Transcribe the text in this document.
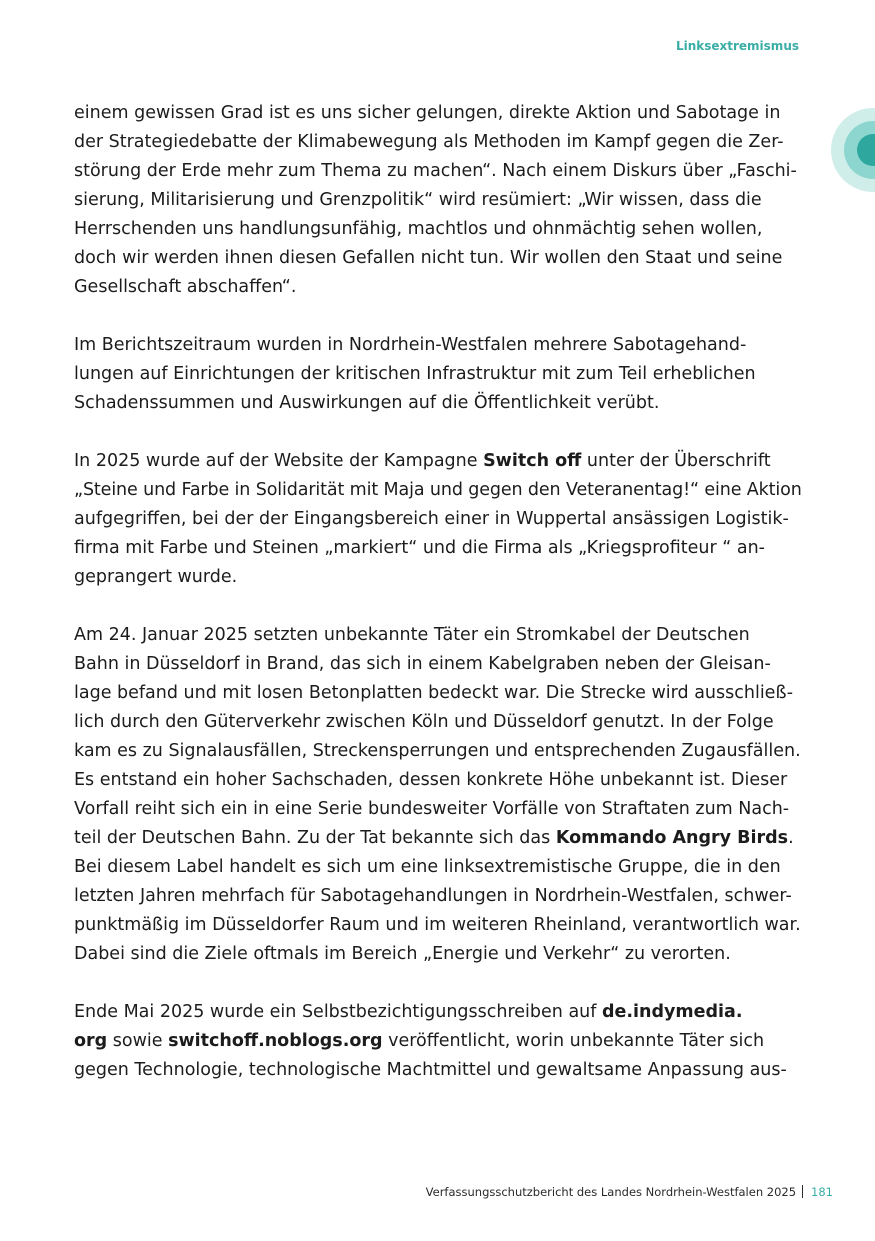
Linksextremismus

einem gewissen Grad ist es uns sicher gelungen, direkte Aktion und Sabotage in
der Strategiedebatte der Klimabewegung als Methoden im Kampf gegen die Zer-
störung der Erde mehr zum Thema zu machen“. Nach einem Diskurs über „Faschi-
sierung, Militarisierung und Grenzpolitik“ wird resümiert: „Wir wissen, dass die
Herrschenden uns handlungsunfähig, machtlos und ohnmächtig sehen wollen,
doch wir werden ihnen diesen Gefallen nicht tun. Wir wollen den Staat und seine
Gesellschaft abschaffen“.

Im Berichtszeitraum wurden in Nordrhein-Westfalen mehrere Sabotagehand-
lungen auf Einrichtungen der kritischen Infrastruktur mit zum Teil erheblichen
Schadenssummen und Auswirkungen auf die Öffentlichkeit verübt.

In 2025 wurde auf der Website der Kampagne Switch off unter der Überschrift
„Steine und Farbe in Solidarität mit Maja und gegen den Veteranentag!“ eine Aktion
aufgegriffen, bei der der Eingangsbereich einer in Wuppertal ansässigen Logistik-
firma mit Farbe und Steinen „markiert“ und die Firma als „Kriegsprofiteur “ an-
geprangert wurde.

Am 24. Januar 2025 setzten unbekannte Täter ein Stromkabel der Deutschen
Bahn in Düsseldorf in Brand, das sich in einem Kabelgraben neben der Gleisan-
lage befand und mit losen Betonplatten bedeckt war. Die Strecke wird ausschließ-
lich durch den Güterverkehr zwischen Köln und Düsseldorf genutzt. In der Folge
kam es zu Signalausfällen, Streckensperrungen und entsprechenden Zugausfällen.
Es entstand ein hoher Sachschaden, dessen konkrete Höhe unbekannt ist. Dieser
Vorfall reiht sich ein in eine Serie bundesweiter Vorfälle von Straftaten zum Nach-
teil der Deutschen Bahn. Zu der Tat bekannte sich das Kommando Angry Birds.
Bei diesem Label handelt es sich um eine linksextremistische Gruppe, die in den
letzten Jahren mehrfach für Sabotagehandlungen in Nordrhein-Westfalen, schwer-
punktmäßig im Düsseldorfer Raum und im weiteren Rheinland, verantwortlich war.
Dabei sind die Ziele oftmals im Bereich „Energie und Verkehr“ zu verorten.

Ende Mai 2025 wurde ein Selbstbezichtigungsschreiben auf de.indymedia.
org sowie switchoff.noblogs.org veröffentlicht, worin unbekannte Täter sich
gegen Technologie, technologische Machtmittel und gewaltsame Anpassung aus-

Verfassungsschutzbericht des Landes Nordrhein-Westfalen 2025 181
